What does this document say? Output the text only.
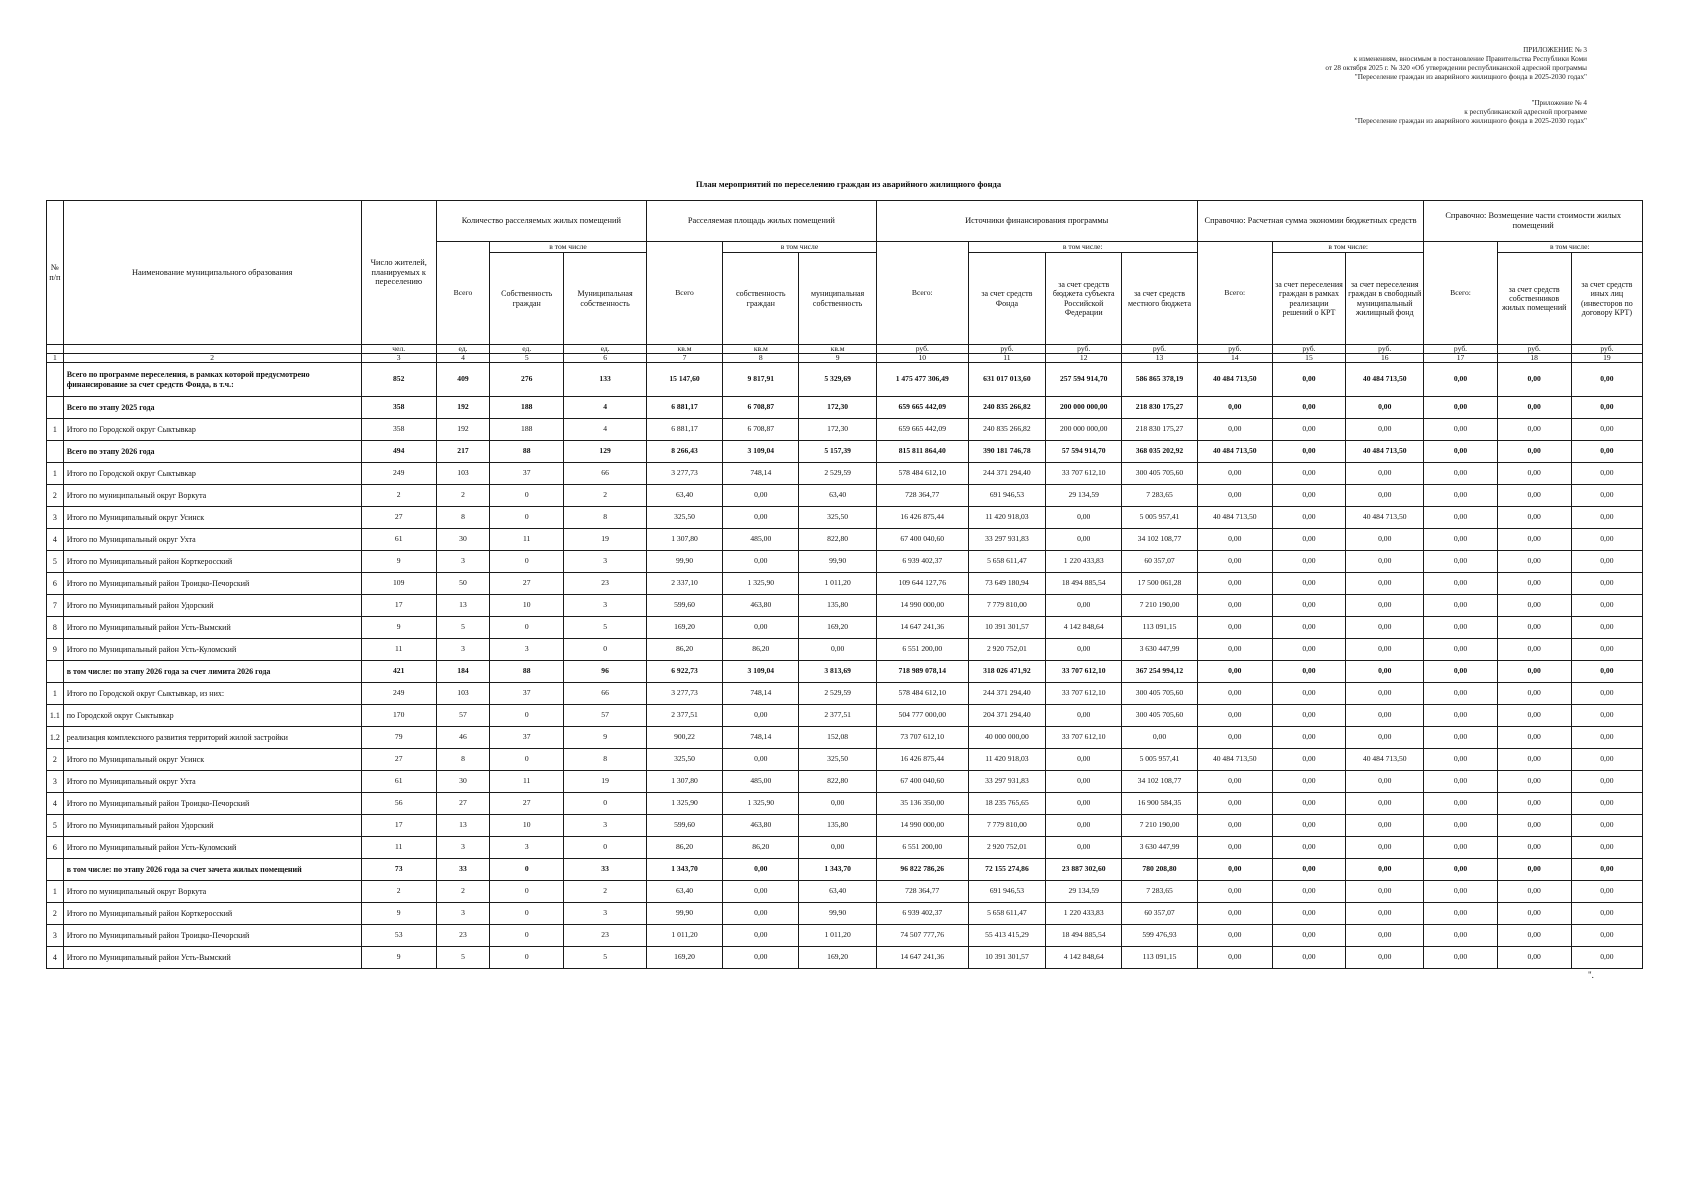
ПРИЛОЖЕНИЕ № 3
к изменениям, вносимым в постановление Правительства Республики Коми
от 28 октября 2025 г. № 320 «Об утверждении республиканской адресной программы
"Переселение граждан из аварийного жилищного фонда в 2025-2030 годах"
"Приложение № 4
к республиканской адресной программе
"Переселение граждан из аварийного жилищного фонда в 2025-2030 годах"
План мероприятий по переселению граждан из аварийного жилищного фонда
№ п/п	Наименование муниципального образования	Число жителей, планируемых к переселению	Количество расселяемых жилых помещений			Расселяемая площадь жилых помещений			Источники финансирования программы				Справочно: Расчетная сумма экономии бюджетных средств			Справочно: Возмещение части стоимости жилых помещений		
			Всего	в том числе		Всего	в том числе		Всего:	в том числе:			Всего:	в том числе:		Всего:	в том числе:	
				Собственность граждан	Муниципальная собственность		собственность граждан	муниципальная собственность		за счет средств Фонда	за счет средств бюджета субъекта Российской Федерации	за счет средств местного бюджета		за счет переселения граждан в рамках реализации решений о КРТ	за счет переселения граждан в свободный муниципальный жилищный фонд		за счет средств собственников жилых помещений	за счет средств иных лиц (инвесторов по договору КРТ)
		чел.	ед.	ед.	ед.	кв.м	кв.м	кв.м	руб.	руб.	руб.	руб.	руб.	руб.	руб.	руб.	руб.	руб.
1	2	3	4	5	6	7	8	9	10	11	12	13	14	15	16	17	18	19
	Всего по программе переселения, в рамках которой предусмотрено финансирование за счет средств Фонда, в т.ч.:	852	409	276	133	15 147,60	9 817,91	5 329,69	1 475 477 306,49	631 017 013,60	257 594 914,70	586 865 378,19	40 484 713,50	0,00	40 484 713,50	0,00	0,00	0,00
	Всего по этапу 2025 года	358	192	188	4	6 881,17	6 708,87	172,30	659 665 442,09	240 835 266,82	200 000 000,00	218 830 175,27	0,00	0,00	0,00	0,00	0,00	0,00
1	Итого по Городской округ Сыктывкар	358	192	188	4	6 881,17	6 708,87	172,30	659 665 442,09	240 835 266,82	200 000 000,00	218 830 175,27	0,00	0,00	0,00	0,00	0,00	0,00
	Всего по этапу 2026 года	494	217	88	129	8 266,43	3 109,04	5 157,39	815 811 864,40	390 181 746,78	57 594 914,70	368 035 202,92	40 484 713,50	0,00	40 484 713,50	0,00	0,00	0,00
1	Итого по Городской округ Сыктывкар	249	103	37	66	3 277,73	748,14	2 529,59	578 484 612,10	244 371 294,40	33 707 612,10	300 405 705,60	0,00	0,00	0,00	0,00	0,00	0,00
2	Итого по муниципальный округ Воркута	2	2	0	2	63,40	0,00	63,40	728 364,77	691 946,53	29 134,59	7 283,65	0,00	0,00	0,00	0,00	0,00	0,00
3	Итого по Муниципальный округ Усинск	27	8	0	8	325,50	0,00	325,50	16 426 875,44	11 420 918,03	0,00	5 005 957,41	40 484 713,50	0,00	40 484 713,50	0,00	0,00	0,00
4	Итого по Муниципальный округ Ухта	61	30	11	19	1 307,80	485,00	822,80	67 400 040,60	33 297 931,83	0,00	34 102 108,77	0,00	0,00	0,00	0,00	0,00	0,00
5	Итого по Муниципальный район Корткеросский	9	3	0	3	99,90	0,00	99,90	6 939 402,37	5 658 611,47	1 220 433,83	60 357,07	0,00	0,00	0,00	0,00	0,00	0,00
6	Итого по Муниципальный район Троицко-Печорский	109	50	27	23	2 337,10	1 325,90	1 011,20	109 644 127,76	73 649 180,94	18 494 885,54	17 500 061,28	0,00	0,00	0,00	0,00	0,00	0,00
7	Итого по Муниципальный район Удорский	17	13	10	3	599,60	463,80	135,80	14 990 000,00	7 779 810,00	0,00	7 210 190,00	0,00	0,00	0,00	0,00	0,00	0,00
8	Итого по Муниципальный район Усть-Вымский	9	5	0	5	169,20	0,00	169,20	14 647 241,36	10 391 301,57	4 142 848,64	113 091,15	0,00	0,00	0,00	0,00	0,00	0,00
9	Итого по Муниципальный район Усть-Куломский	11	3	3	0	86,20	86,20	0,00	6 551 200,00	2 920 752,01	0,00	3 630 447,99	0,00	0,00	0,00	0,00	0,00	0,00
	в том числе: по этапу 2026 года за счет лимита 2026 года	421	184	88	96	6 922,73	3 109,04	3 813,69	718 989 078,14	318 026 471,92	33 707 612,10	367 254 994,12	0,00	0,00	0,00	0,00	0,00	0,00
1	Итого по Городской округ Сыктывкар, из них:	249	103	37	66	3 277,73	748,14	2 529,59	578 484 612,10	244 371 294,40	33 707 612,10	300 405 705,60	0,00	0,00	0,00	0,00	0,00	0,00
1.1	по Городской округ Сыктывкар	170	57	0	57	2 377,51	0,00	2 377,51	504 777 000,00	204 371 294,40	0,00	300 405 705,60	0,00	0,00	0,00	0,00	0,00	0,00
1.2	реализация комплексного развития территорий жилой застройки	79	46	37	9	900,22	748,14	152,08	73 707 612,10	40 000 000,00	33 707 612,10	0,00	0,00	0,00	0,00	0,00	0,00	0,00
2	Итого по Муниципальный округ Усинск	27	8	0	8	325,50	0,00	325,50	16 426 875,44	11 420 918,03	0,00	5 005 957,41	40 484 713,50	0,00	40 484 713,50	0,00	0,00	0,00
3	Итого по Муниципальный округ Ухта	61	30	11	19	1 307,80	485,00	822,80	67 400 040,60	33 297 931,83	0,00	34 102 108,77	0,00	0,00	0,00	0,00	0,00	0,00
4	Итого по Муниципальный район Троицко-Печорский	56	27	27	0	1 325,90	1 325,90	0,00	35 136 350,00	18 235 765,65	0,00	16 900 584,35	0,00	0,00	0,00	0,00	0,00	0,00
5	Итого по Муниципальный район Удорский	17	13	10	3	599,60	463,80	135,80	14 990 000,00	7 779 810,00	0,00	7 210 190,00	0,00	0,00	0,00	0,00	0,00	0,00
6	Итого по Муниципальный район Усть-Куломский	11	3	3	0	86,20	86,20	0,00	6 551 200,00	2 920 752,01	0,00	3 630 447,99	0,00	0,00	0,00	0,00	0,00	0,00
	в том числе: по этапу 2026 года за счет зачета жилых помещений	73	33	0	33	1 343,70	0,00	1 343,70	96 822 786,26	72 155 274,86	23 887 302,60	780 208,80	0,00	0,00	0,00	0,00	0,00	0,00
1	Итого по муниципальный округ Воркута	2	2	0	2	63,40	0,00	63,40	728 364,77	691 946,53	29 134,59	7 283,65	0,00	0,00	0,00	0,00	0,00	0,00
2	Итого по Муниципальный район Корткеросский	9	3	0	3	99,90	0,00	99,90	6 939 402,37	5 658 611,47	1 220 433,83	60 357,07	0,00	0,00	0,00	0,00	0,00	0,00
3	Итого по Муниципальный район Троицко-Печорский	53	23	0	23	1 011,20	0,00	1 011,20	74 507 777,76	55 413 415,29	18 494 885,54	599 476,93	0,00	0,00	0,00	0,00	0,00	0,00
4	Итого по Муниципальный район Усть-Вымский	9	5	0	5	169,20	0,00	169,20	14 647 241,36	10 391 301,57	4 142 848,64	113 091,15	0,00	0,00	0,00	0,00	0,00	0,00
".
